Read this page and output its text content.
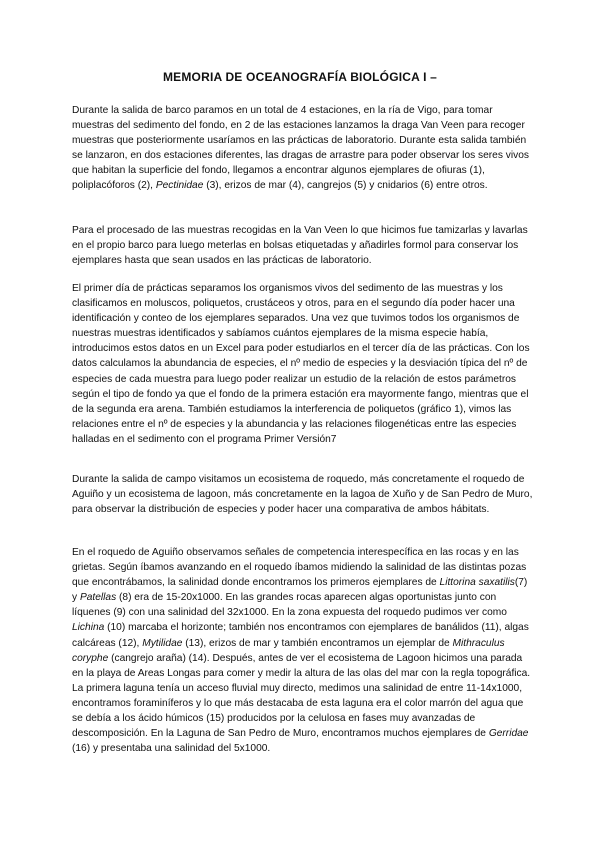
MEMORIA DE OCEANOGRAFÍA BIOLÓGICA I –

Durante la salida de barco paramos en un total de 4 estaciones, en la ría de Vigo, para tomar muestras del sedimento del fondo, en 2 de las estaciones lanzamos la draga Van Veen para recoger muestras que posteriormente usaríamos en las prácticas de laboratorio. Durante esta salida también se lanzaron, en dos estaciones diferentes, las dragas de arrastre para poder observar los seres vivos que habitan la superficie del fondo, llegamos a encontrar algunos ejemplares de ofiuras (1), poliplacóforos (2), Pectinidae (3), erizos de mar (4), cangrejos (5) y cnidarios (6) entre otros.

Para el procesado de las muestras recogidas en la Van Veen lo que hicimos fue tamizarlas y lavarlas en el propio barco para luego meterlas en bolsas etiquetadas y añadirles formol para conservar los ejemplares hasta que sean usados en las prácticas de laboratorio.

El primer día de prácticas separamos los organismos vivos del sedimento de las muestras y los clasificamos en moluscos, poliquetos, crustáceos y otros, para en el segundo día poder hacer una identificación y conteo de los ejemplares separados. Una vez que tuvimos todos los organismos de nuestras muestras identificados y sabíamos cuántos ejemplares de la misma especie había, introducimos estos datos en un Excel para poder estudiarlos en el tercer día de las prácticas. Con los datos calculamos la abundancia de especies, el nº medio de especies y la desviación típica del nº de especies de cada muestra para luego poder realizar un estudio de la relación de estos parámetros según el tipo de fondo ya que el fondo de la primera estación era mayormente fango, mientras que el de la segunda era arena. También estudiamos la interferencia de poliquetos (gráfico 1), vimos las relaciones entre el nº de especies y la abundancia y las relaciones filogenéticas entre las especies halladas en el sedimento con el programa Primer Versión7

Durante la salida de campo visitamos un ecosistema de roquedo, más concretamente el roquedo de Aguiño y un ecosistema de lagoon, más concretamente en la lagoa de Xuño y de San Pedro de Muro, para observar la distribución de especies y poder hacer una comparativa de ambos hábitats.

En el roquedo de Aguiño observamos señales de competencia interespecífica en las rocas y en las grietas. Según íbamos avanzando en el roquedo íbamos midiendo la salinidad de las distintas pozas que encontrábamos, la salinidad donde encontramos los primeros ejemplares de Littorina saxatilis(7) y Patellas (8) era de 15-20x1000. En las grandes rocas aparecen algas oportunistas junto con líquenes (9) con una salinidad del 32x1000. En la zona expuesta del roquedo pudimos ver como Lichina (10) marcaba el horizonte; también nos encontramos con ejemplares de banálidos (11), algas calcáreas (12), Mytilidae (13), erizos de mar y también encontramos un ejemplar de Mithraculus coryphe (cangrejo araña) (14). Después, antes de ver el ecosistema de Lagoon hicimos una parada en la playa de Areas Longas para comer y medir la altura de las olas del mar con la regla topográfica. La primera laguna tenía un acceso fluvial muy directo, medimos una salinidad de entre 11-14x1000, encontramos foraminíferos y lo que más destacaba de esta laguna era el color marrón del agua que se debía a los ácido húmicos (15) producidos por la celulosa en fases muy avanzadas de descomposición. En la Laguna de San Pedro de Muro, encontramos muchos ejemplares de Gerridae (16) y presentaba una salinidad del 5x1000.
